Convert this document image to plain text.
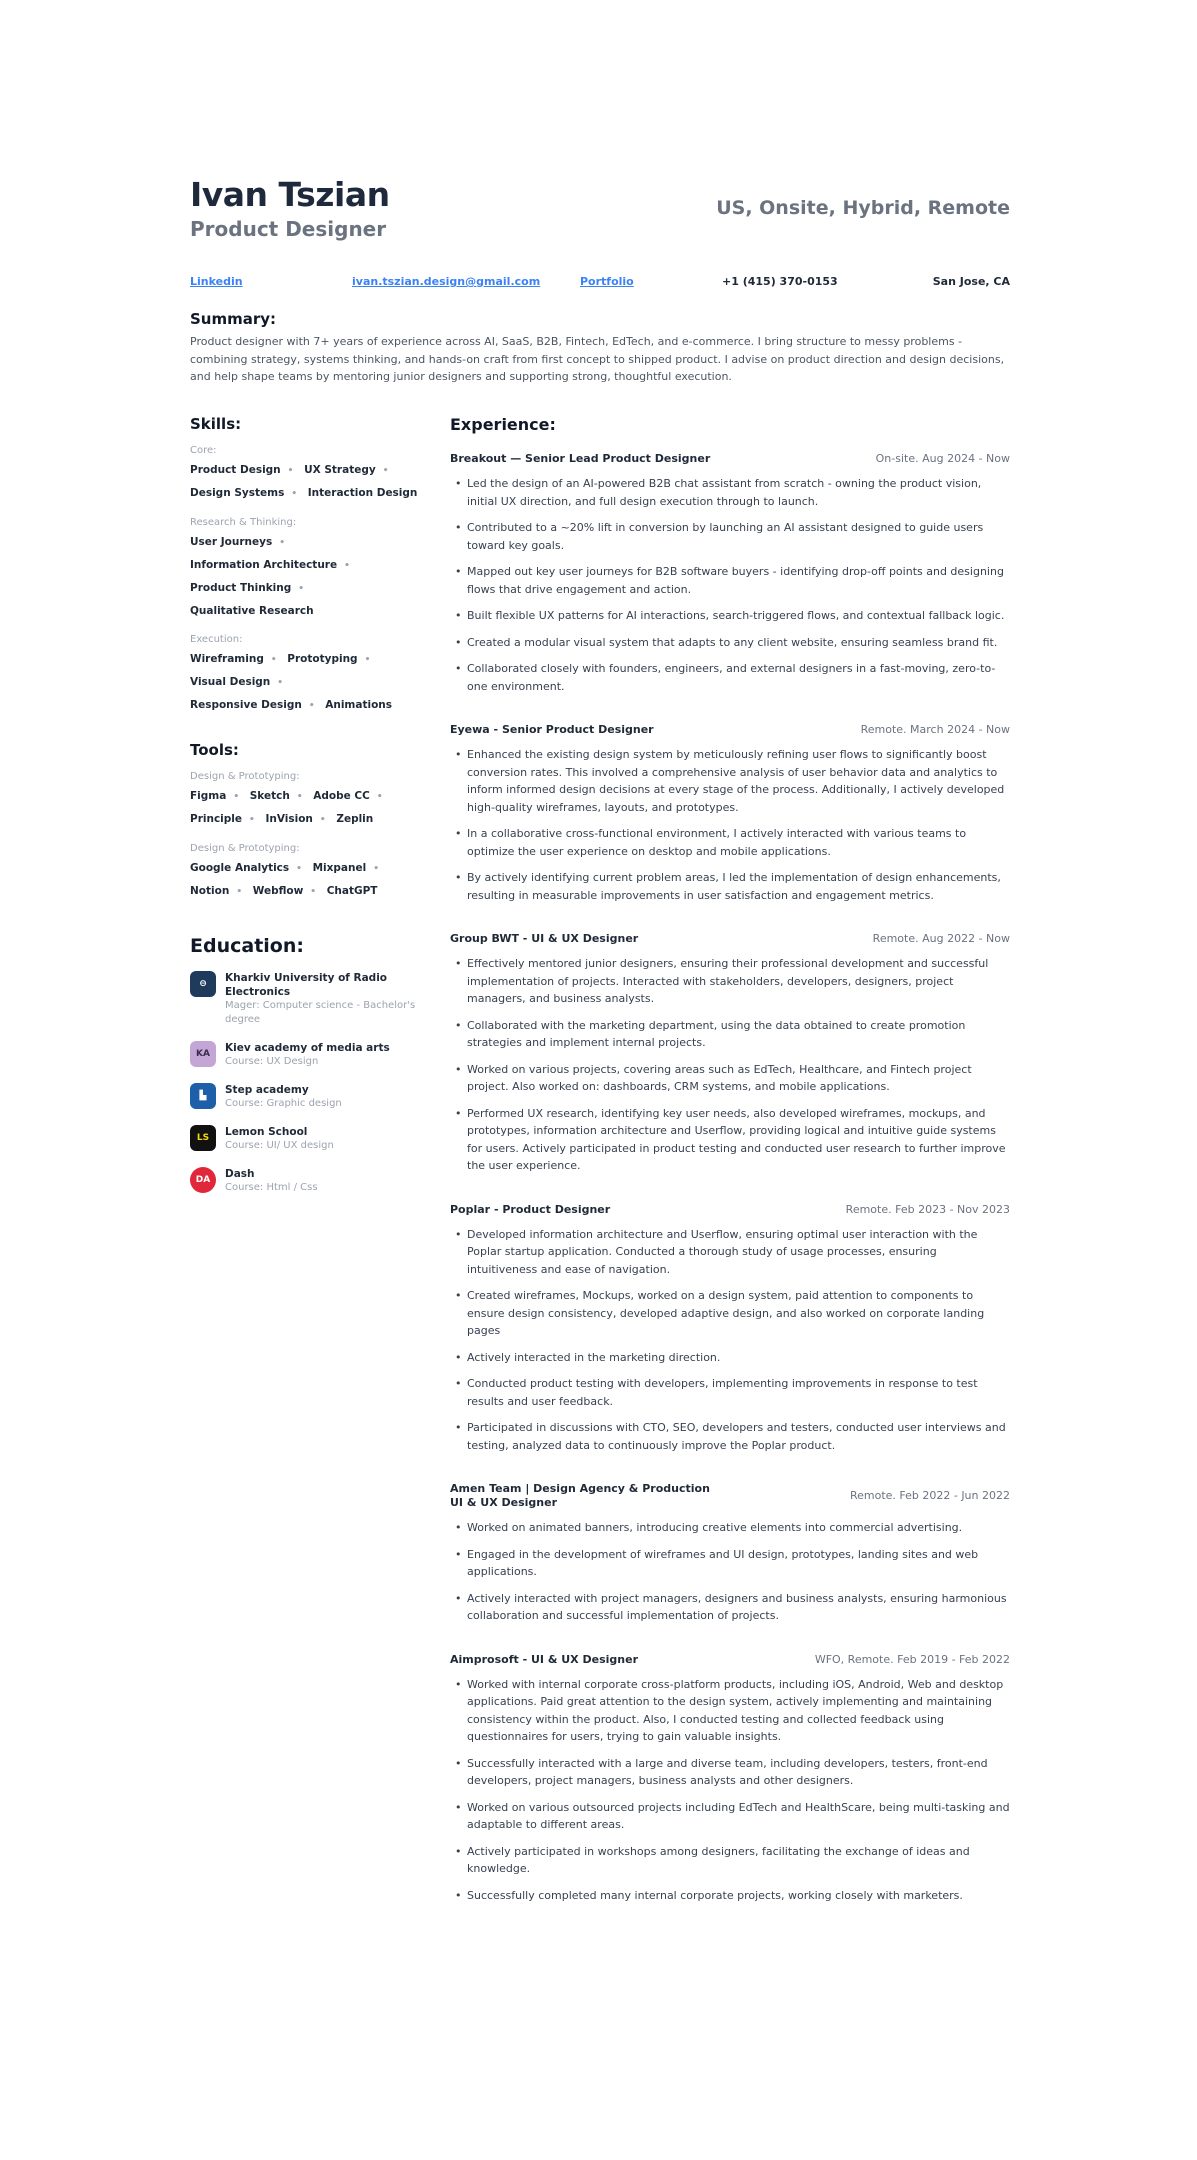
Ivan Tszian
Product Designer
US, Onsite, Hybrid, Remote
Linkedin	ivan.tszian.design@gmail.com	Portfolio	+1 (415) 370-0153	San Jose, CA
Summary:

Product designer with 7+ years of experience across AI, SaaS, B2B, Fintech, EdTech, and e-commerce. I bring structure to messy problems - combining strategy, systems thinking, and hands-on craft from first concept to shipped product. I advise on product direction and design decisions, and help shape teams by mentoring junior designers and supporting strong, thoughtful execution.

Skills:
Core:
Product Design • UX Strategy • Design Systems • Interaction Design
Research & Thinking:
User Journeys • Information Architecture • Product Thinking • Qualitative Research
Execution:
Wireframing • Prototyping • Visual Design • Responsive Design • Animations
Tools:
Design & Prototyping:
Figma • Sketch • Adobe CC • Principle • InVision • Zeplin
Design & Prototyping:
Google Analytics • Mixpanel • Notion • Webflow • ChatGPT
Education:
⊖	Kharkiv University of Radio Electronics
Mager: Computer science - Bachelor's degree
KA	Kiev academy of media arts
Course: UX Design
▙	Step academy
Course: Graphic design
LS	Lemon School
Course: UI/ UX design
DA	Dash
Course: Html / Css
Experience:
Breakout — Senior Lead Product Designer	On-site. Aug 2024 - Now
• Led the design of an AI-powered B2B chat assistant from scratch - owning the product vision, initial UX direction, and full design execution through to launch.
• Contributed to a ~20% lift in conversion by launching an AI assistant designed to guide users toward key goals.
• Mapped out key user journeys for B2B software buyers - identifying drop-off points and designing flows that drive engagement and action.
• Built flexible UX patterns for AI interactions, search-triggered flows, and contextual fallback logic.
• Created a modular visual system that adapts to any client website, ensuring seamless brand fit.
• Collaborated closely with founders, engineers, and external designers in a fast-moving, zero-to-one environment.
Eyewa - Senior Product Designer	Remote. March 2024 - Now
• Enhanced the existing design system by meticulously refining user flows to significantly boost conversion rates. This involved a comprehensive analysis of user behavior data and analytics to inform informed design decisions at every stage of the process. Additionally, I actively developed high-quality wireframes, layouts, and prototypes.
• In a collaborative cross-functional environment, I actively interacted with various teams to optimize the user experience on desktop and mobile applications.
• By actively identifying current problem areas, I led the implementation of design enhancements, resulting in measurable improvements in user satisfaction and engagement metrics.
Group BWT - UI & UX Designer	Remote. Aug 2022 - Now
• Effectively mentored junior designers, ensuring their professional development and successful implementation of projects. Interacted with stakeholders, developers, designers, project managers, and business analysts.
• Collaborated with the marketing department, using the data obtained to create promotion strategies and implement internal projects.
• Worked on various projects, covering areas such as EdTech, Healthcare, and Fintech project project. Also worked on: dashboards, CRM systems, and mobile applications.
• Performed UX research, identifying key user needs, also developed wireframes, mockups, and prototypes, information architecture and Userflow, providing logical and intuitive guide systems for users. Actively participated in product testing and conducted user research to further improve the user experience.
Poplar - Product Designer	Remote. Feb 2023 - Nov 2023
• Developed information architecture and Userflow, ensuring optimal user interaction with the Poplar startup application. Conducted a thorough study of usage processes, ensuring intuitiveness and ease of navigation.
• Created wireframes, Mockups, worked on a design system, paid attention to components to ensure design consistency, developed adaptive design, and also worked on corporate landing pages
• Actively interacted in the marketing direction.
• Conducted product testing with developers, implementing improvements in response to test results and user feedback.
• Participated in discussions with CTO, SEO, developers and testers, conducted user interviews and testing, analyzed data to continuously improve the Poplar product.
Amen Team | Design Agency & Production
UI & UX Designer
Remote. Feb 2022 - Jun 2022
• Worked on animated banners, introducing creative elements into commercial advertising.
• Engaged in the development of wireframes and UI design, prototypes, landing sites and web applications.
• Actively interacted with project managers, designers and business analysts, ensuring harmonious collaboration and successful implementation of projects.
Aimprosoft - UI & UX Designer	WFO, Remote. Feb 2019 - Feb 2022
• Worked with internal corporate cross-platform products, including iOS, Android, Web and desktop applications. Paid great attention to the design system, actively implementing and maintaining consistency within the product. Also, I conducted testing and collected feedback using questionnaires for users, trying to gain valuable insights.
• Successfully interacted with a large and diverse team, including developers, testers, front-end developers, project managers, business analysts and other designers.
• Worked on various outsourced projects including EdTech and HealthScare, being multi-tasking and adaptable to different areas.
• Actively participated in workshops among designers, facilitating the exchange of ideas and knowledge.
• Successfully completed many internal corporate projects, working closely with marketers.
